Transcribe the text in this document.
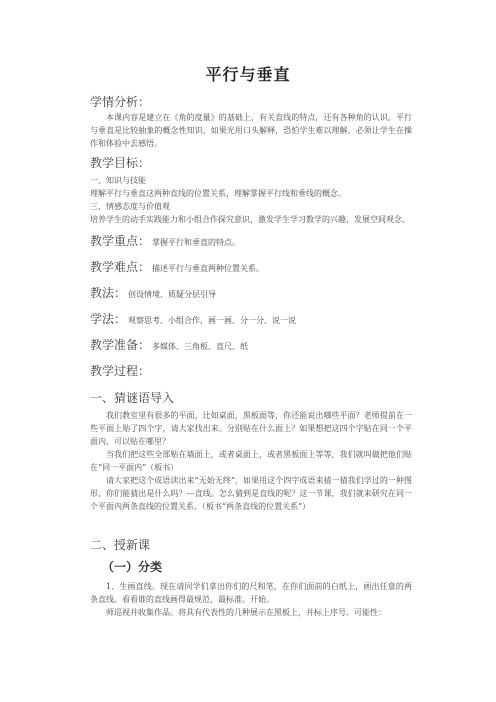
平行与垂直
学情分析：
本课内容是建立在《角的度量》的基础上，有关直线的特点，还有各种角的认识。平行与垂直是比较抽象的概念性知识，如果光用口头解释，恐怕学生难以理解，必须让学生在操作和体验中去感悟。
教学目标：
一、知识与技能
理解平行与垂直这两种直线的位置关系，理解掌握平行线和垂线的概念。
三、情感态度与价值观
培养学生的动手实践能力和小组合作探究意识，激发学生学习数学的兴趣，发展空间观念。
教学重点： 掌握平行和垂直的特点。
教学难点： 描述平行与垂直两种位置关系。
教法： 创设情境、质疑分层引导
学法： 观察思考、小组合作，画一画、分一分、说一说
教学准备： 多媒体、三角板、直尺、纸
教学过程：
一、猜谜语导入
我们教室里有很多的平面，比如桌面，黑板面等，你还能说出哪些平面？老师提前在一些平面上贴了四个字，请大家找出来。分别贴在什么面上？如果想把这四个字贴在同一个平面内，可以贴在哪里？
当我们把这些全部贴在墙面上，或者桌面上，或者黑板面上等等，我们就叫做把他们贴在“同一平面内”（板书）
请大家把这个成语读出来“无始无终”，如果用这个四字成语来猜一猜我们学过的一种图形，你们能猜出是什么吗？---直线。怎么猜到是直线的呢？这一节课，我们就来研究在同一个平面内两条直线的位置关系。（板书“两条直线的位置关系”）
二、授新课
（一）分类
1、生画直线。现在请同学们拿出你们的尺和笔，在你们面前的白纸上，画出任意的两条直线。看看谁的直线画得最规范，最标准。开始。
师巡视并收集作品。将具有代表性的几种展示在黑板上，并标上序号。可能性：
